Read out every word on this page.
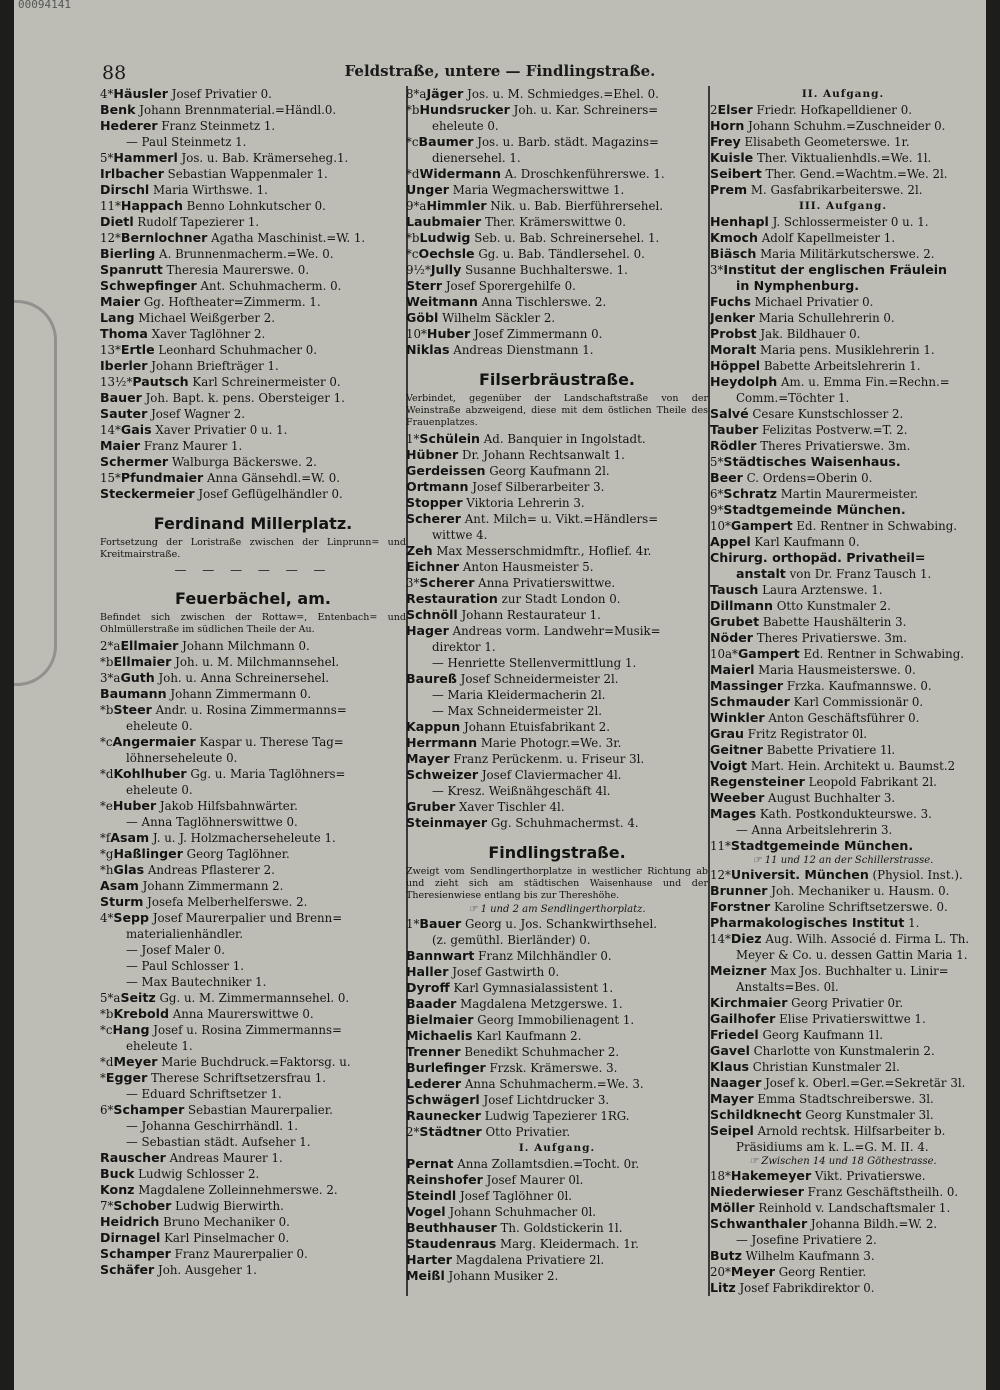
00094141
88	Feldstraße, untere — Findlingstraße.
4*Häusler Josef Privatier 0.
Benk Johann Brennmaterial.=Händl.0.
Hederer Franz Steinmetz 1.
— Paul Steinmetz 1.
5*Hammerl Jos. u. Bab. Krämerseheg.1.
Irlbacher Sebastian Wappenmaler 1.
Dirschl Maria Wirthswe. 1.
11*Happach Benno Lohnkutscher 0.
Dietl Rudolf Tapezierer 1.
12*Bernlochner Agatha Maschinist.=W. 1.
Bierling A. Brunnenmacherm.=We. 0.
Spanrutt Theresia Maurerswe. 0.
Schwepfinger Ant. Schuhmacherm. 0.
Maier Gg. Hoftheater=Zimmerm. 1.
Lang Michael Weißgerber 2.
Thoma Xaver Taglöhner 2.
13*Ertle Leonhard Schuhmacher 0.
Iberler Johann Briefträger 1.
13½*Pautsch Karl Schreinermeister 0.
Bauer Joh. Bapt. k. pens. Obersteiger 1.
Sauter Josef Wagner 2.
14*Gais Xaver Privatier 0 u. 1.
Maier Franz Maurer 1.
Schermer Walburga Bäckerswe. 2.
15*Pfundmaier Anna Gänsehdl.=W. 0.
Steckermeier Josef Geflügelhändler 0.
Ferdinand Millerplatz.
Fortsetzung der Loristraße zwischen der Linprunn= und Kreitmairstraße.
— — — — — —
Feuerbächel, am.
Befindet sich zwischen der Rottaw=, Entenbach= und Ohlmüllerstraße im südlichen Theile der Au.
2*aEllmaier Johann Milchmann 0.
*bEllmaier Joh. u. M. Milchmannsehel.
3*aGuth Joh. u. Anna Schreinersehel.
Baumann Johann Zimmermann 0.
*bSteer Andr. u. Rosina Zimmermanns=
eheleute 0.
*cAngermaier Kaspar u. Therese Tag=
löhnerseheleute 0.
*dKohlhuber Gg. u. Maria Taglöhners=
eheleute 0.
*eHuber Jakob Hilfsbahnwärter.
— Anna Taglöhnerswittwe 0.
*fAsam J. u. J. Holzmacherseheleute 1.
*gHaßlinger Georg Taglöhner.
*hGlas Andreas Pflasterer 2.
Asam Johann Zimmermann 2.
Sturm Josefa Melberhelferswe. 2.
4*Sepp Josef Maurerpalier und Brenn=
materialienhändler.
— Josef Maler 0.
— Paul Schlosser 1.
— Max Bautechniker 1.
5*aSeitz Gg. u. M. Zimmermannsehel. 0.
*bKrebold Anna Maurerswittwe 0.
*cHang Josef u. Rosina Zimmermanns=
eheleute 1.
*dMeyer Marie Buchdruck.=Faktorsg. u.
*Egger Therese Schriftsetzersfrau 1.
— Eduard Schriftsetzer 1.
6*Schamper Sebastian Maurerpalier.
— Johanna Geschirrhändl. 1.
— Sebastian städt. Aufseher 1.
Rauscher Andreas Maurer 1.
Buck Ludwig Schlosser 2.
Konz Magdalene Zolleinnehmerswe. 2.
7*Schober Ludwig Bierwirth.
Heidrich Bruno Mechaniker 0.
Dirnagel Karl Pinselmacher 0.
Schamper Franz Maurerpalier 0.
Schäfer Joh. Ausgeher 1.
8*aJäger Jos. u. M. Schmiedges.=Ehel. 0.
*bHundsrucker Joh. u. Kar. Schreiners=
eheleute 0.
*cBaumer Jos. u. Barb. städt. Magazins=
dienersehel. 1.
*dWidermann A. Droschkenführerswe. 1.
Unger Maria Wegmacherswittwe 1.
9*aHimmler Nik. u. Bab. Bierführersehel.
Laubmaier Ther. Krämerswittwe 0.
*bLudwig Seb. u. Bab. Schreinersehel. 1.
*cOechsle Gg. u. Bab. Tändlersehel. 0.
9½*Jully Susanne Buchhalterswe. 1.
Sterr Josef Sporergehilfe 0.
Weitmann Anna Tischlerswe. 2.
Göbl Wilhelm Säckler 2.
10*Huber Josef Zimmermann 0.
Niklas Andreas Dienstmann 1.
Filserbräustraße.
Verbindet, gegenüber der Landschaftstraße von der Weinstraße abzweigend, diese mit dem östlichen Theile des Frauenplatzes.
1*Schülein Ad. Banquier in Ingolstadt.
Hübner Dr. Johann Rechtsanwalt 1.
Gerdeissen Georg Kaufmann 2l.
Ortmann Josef Silberarbeiter 3.
Stopper Viktoria Lehrerin 3.
Scherer Ant. Milch= u. Vikt.=Händlers=
wittwe 4.
Zeh Max Messerschmidmftr., Hoflief. 4r.
Eichner Anton Hausmeister 5.
3*Scherer Anna Privatierswittwe.
Restauration zur Stadt London 0.
Schnöll Johann Restaurateur 1.
Hager Andreas vorm. Landwehr=Musik=
direktor 1.
— Henriette Stellenvermittlung 1.
Baureß Josef Schneidermeister 2l.
— Maria Kleidermacherin 2l.
— Max Schneidermeister 2l.
Kappun Johann Etuisfabrikant 2.
Herrmann Marie Photogr.=We. 3r.
Mayer Franz Perückenm. u. Friseur 3l.
Schweizer Josef Claviermacher 4l.
— Kresz. Weißnähgeschäft 4l.
Gruber Xaver Tischler 4l.
Steinmayer Gg. Schuhmachermst. 4.
Findlingstraße.
Zweigt vom Sendlingerthorplatze in westlicher Richtung ab und zieht sich am städtischen Waisenhause und der Theresienwiese entlang bis zur Thereshöhe.
☞ 1 und 2 am Sendlingerthorplatz.
1*Bauer Georg u. Jos. Schankwirthsehel.
(z. gemüthl. Bierländer) 0.
Bannwart Franz Milchhändler 0.
Haller Josef Gastwirth 0.
Dyroff Karl Gymnasialassistent 1.
Baader Magdalena Metzgerswe. 1.
Bielmaier Georg Immobilienagent 1.
Michaelis Karl Kaufmann 2.
Trenner Benedikt Schuhmacher 2.
Burlefinger Frzsk. Krämerswe. 3.
Lederer Anna Schuhmacherm.=We. 3.
Schwägerl Josef Lichtdrucker 3.
Raunecker Ludwig Tapezierer 1RG.
2*Städtner Otto Privatier.
I. Aufgang.
Pernat Anna Zollamtsdien.=Tocht. 0r.
Reinshofer Josef Maurer 0l.
Steindl Josef Taglöhner 0l.
Vogel Johann Schuhmacher 0l.
Beuthhauser Th. Goldstickerin 1l.
Staudenraus Marg. Kleidermach. 1r.
Harter Magdalena Privatiere 2l.
Meißl Johann Musiker 2.
II. Aufgang.
2Elser Friedr. Hofkapelldiener 0.
Horn Johann Schuhm.=Zuschneider 0.
Frey Elisabeth Geometerswe. 1r.
Kuisle Ther. Viktualienhdls.=We. 1l.
Seibert Ther. Gend.=Wachtm.=We. 2l.
Prem M. Gasfabrikarbeiterswe. 2l.
III. Aufgang.
Henhapl J. Schlossermeister 0 u. 1.
Kmoch Adolf Kapellmeister 1.
Biäsch Maria Militärkutscherswe. 2.
3*Institut der englischen Fräulein
in Nymphenburg.
Fuchs Michael Privatier 0.
Jenker Maria Schullehrerin 0.
Probst Jak. Bildhauer 0.
Moralt Maria pens. Musiklehrerin 1.
Höppel Babette Arbeitslehrerin 1.
Heydolph Am. u. Emma Fin.=Rechn.=
Comm.=Töchter 1.
Salvé Cesare Kunstschlosser 2.
Tauber Felizitas Postverw.=T. 2.
Rödler Theres Privatierswe. 3m.
5*Städtisches Waisenhaus.
Beer C. Ordens=Oberin 0.
6*Schratz Martin Maurermeister.
9*Stadtgemeinde München.
10*Gampert Ed. Rentner in Schwabing.
Appel Karl Kaufmann 0.
Chirurg. orthopäd. Privatheil=
anstalt von Dr. Franz Tausch 1.
Tausch Laura Arztenswe. 1.
Dillmann Otto Kunstmaler 2.
Grubet Babette Haushälterin 3.
Nöder Theres Privatierswe. 3m.
10a*Gampert Ed. Rentner in Schwabing.
Maierl Maria Hausmeisterswe. 0.
Massinger Frzka. Kaufmannswe. 0.
Schmauder Karl Commissionär 0.
Winkler Anton Geschäftsführer 0.
Grau Fritz Registrator 0l.
Geitner Babette Privatiere 1l.
Voigt Mart. Hein. Architekt u. Baumst.2
Regensteiner Leopold Fabrikant 2l.
Weeber August Buchhalter 3.
Mages Kath. Postkondukteurswe. 3.
— Anna Arbeitslehrerin 3.
11*Stadtgemeinde München.
☞ 11 und 12 an der Schillerstrasse.
12*Universit. München (Physiol. Inst.).
Brunner Joh. Mechaniker u. Hausm. 0.
Forstner Karoline Schriftsetzerswe. 0.
Pharmakologisches Institut 1.
14*Diez Aug. Wilh. Associé d. Firma L. Th.
Meyer & Co. u. dessen Gattin Maria 1.
Meizner Max Jos. Buchhalter u. Linir=
Anstalts=Bes. 0l.
Kirchmaier Georg Privatier 0r.
Gailhofer Elise Privatierswittwe 1.
Friedel Georg Kaufmann 1l.
Gavel Charlotte von Kunstmalerin 2.
Klaus Christian Kunstmaler 2l.
Naager Josef k. Oberl.=Ger.=Sekretär 3l.
Mayer Emma Stadtschreiberswe. 3l.
Schildknecht Georg Kunstmaler 3l.
Seipel Arnold rechtsk. Hilfsarbeiter b.
Präsidiums am k. L.=G. M. II. 4.
☞ Zwischen 14 und 18 Göthestrasse.
18*Hakemeyer Vikt. Privatierswe.
Niederwieser Franz Geschäftstheilh. 0.
Möller Reinhold v. Landschaftsmaler 1.
Schwanthaler Johanna Bildh.=W. 2.
— Josefine Privatiere 2.
Butz Wilhelm Kaufmann 3.
20*Meyer Georg Rentier.
Litz Josef Fabrikdirektor 0.
